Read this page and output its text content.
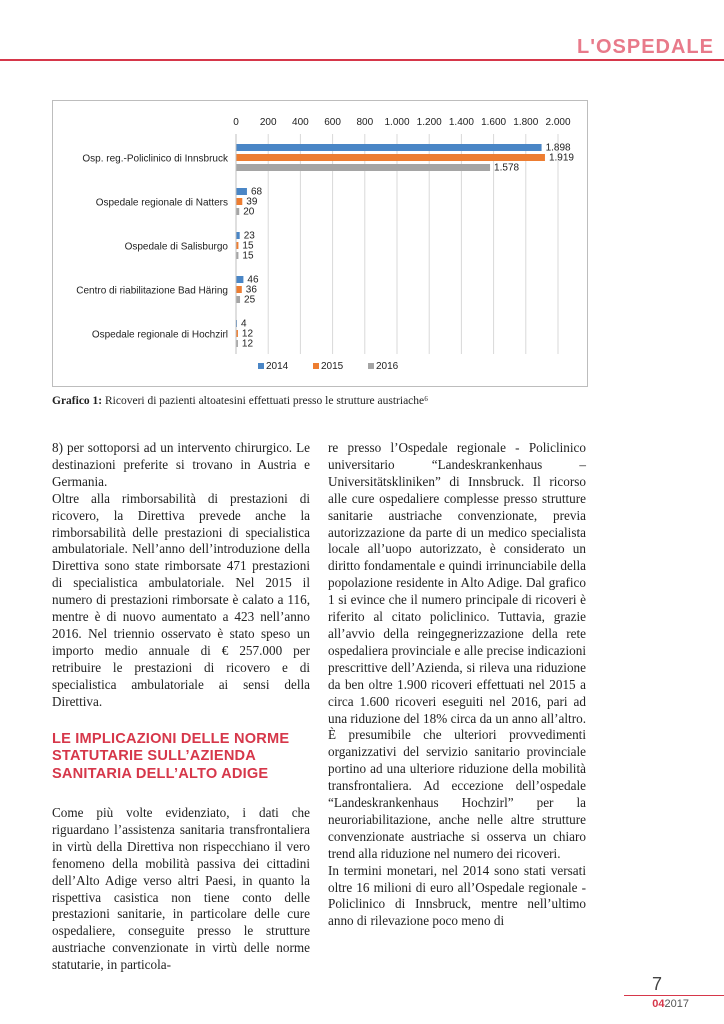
L'OSPEDALE
0 200 400 600 800 1.000 1.200 1.400 1.600 1.800 2.000
Osp. reg.-Policlinico di Innsbruck
1.898
1.919
1.578
Ospedale regionale di Natters
68
39
20
Ospedale di Salisburgo
23
15
15
Centro di riabilitazione Bad Häring
46
36
25
Ospedale regionale di Hochzirl
4
12
12
2014	2015	2016
Grafico 1: Ricoveri di pazienti altoatesini effettuati presso le strutture austriache⁶

8) per sottoporsi ad un intervento chirurgico. Le destinazioni preferite si trovano in Austria e Germania.

Oltre alla rimborsabilità di prestazioni di ricovero, la Direttiva prevede anche la rimborsabilità delle prestazioni di specialistica ambulatoriale. Nell’anno dell’introduzione della Direttiva sono state rimborsate 471 prestazioni di specialistica ambulatoriale. Nel 2015 il numero di prestazioni rimborsate è calato a 116, mentre è di nuovo aumentato a 423 nell’anno 2016. Nel triennio osservato è stato speso un importo medio annuale di € 257.000 per retribuire le prestazioni di ricovero e di specialistica ambulatoriale ai sensi della Direttiva.

LE IMPLICAZIONI DELLE NORME STATUTARIE SULL’AZIENDA SANITARIA DELL’ALTO ADIGE

Come più volte evidenziato, i dati che riguardano l’assistenza sanitaria transfrontaliera in virtù della Direttiva non rispecchiano il vero fenomeno della mobilità passiva dei cittadini dell’Alto Adige verso altri Paesi, in quanto la rispettiva casistica non tiene conto delle prestazioni sanitarie, in particolare delle cure ospedaliere, conseguite presso le strutture austriache convenzionate in virtù delle norme statutarie, in particola-

re presso l’Ospedale regionale - Policlinico universitario “Landeskrankenhaus – Universitätskliniken” di Innsbruck. Il ricorso alle cure ospedaliere complesse presso strutture sanitarie austriache convenzionate, previa autorizzazione da parte di un medico specialista locale all’uopo autorizzato, è considerato un diritto fondamentale e quindi irrinunciabile della popolazione residente in Alto Adige. Dal grafico 1 si evince che il numero principale di ricoveri è riferito al citato policlinico. Tuttavia, grazie all’avvio della reingegnerizzazione della rete ospedaliera provinciale e alle precise indicazioni prescrittive dell’Azienda, si rileva una riduzione da ben oltre 1.900 ricoveri effettuati nel 2015 a circa 1.600 ricoveri eseguiti nel 2016, pari ad una riduzione del 18% circa da un anno all’altro. È presumibile che ulteriori provvedimenti organizzativi del servizio sanitario provinciale portino ad una ulteriore riduzione della mobilità transfrontaliera. Ad eccezione dell’ospedale “Landeskrankenhaus Hochzirl” per la neuroriabilitazione, anche nelle altre strutture convenzionate austriache si osserva un chiaro trend alla riduzione nel numero dei ricoveri.

In termini monetari, nel 2014 sono stati versati oltre 16 milioni di euro all’Ospedale regionale - Policlinico di Innsbruck, mentre nell’ultimo anno di rilevazione poco meno di

7
042017
